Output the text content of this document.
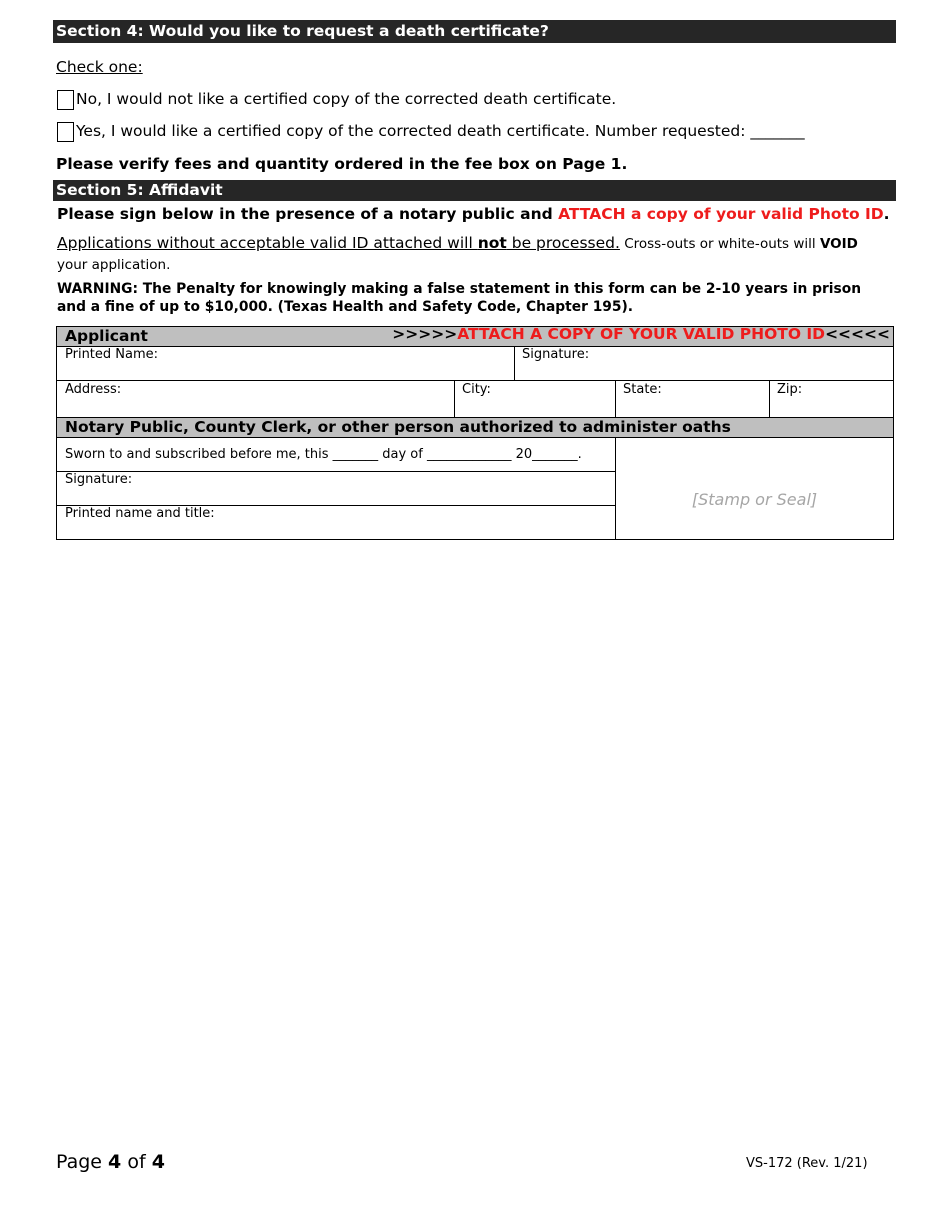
Section 4: Would you like to request a death certificate?
Check one:
No, I would not like a certified copy of the corrected death certificate.
Yes, I would like a certified copy of the corrected death certificate. Number requested: _______
Please verify fees and quantity ordered in the fee box on Page 1.
Section 5: Affidavit
Please sign below in the presence of a notary public and ATTACH a copy of your valid Photo ID.
Applications without acceptable valid ID attached will not be processed. Cross-outs or white-outs will VOID
your application.
WARNING: The Penalty for knowingly making a false statement in this form can be 2-10 years in prison and a fine of up to $10,000. (Texas Health and Safety Code, Chapter 195).
Applicant	>>>>>ATTACH A COPY OF YOUR VALID PHOTO ID<<<<<
Printed Name:	Signature:
Address:	City:	State:	Zip:
Notary Public, County Clerk, or other person authorized to administer oaths
Sworn to and subscribed before me, this _______ day of _____________ 20_______.
Signature:
Printed name and title:
[Stamp or Seal]
Page 4 of 4	VS-172 (Rev. 1/21)
